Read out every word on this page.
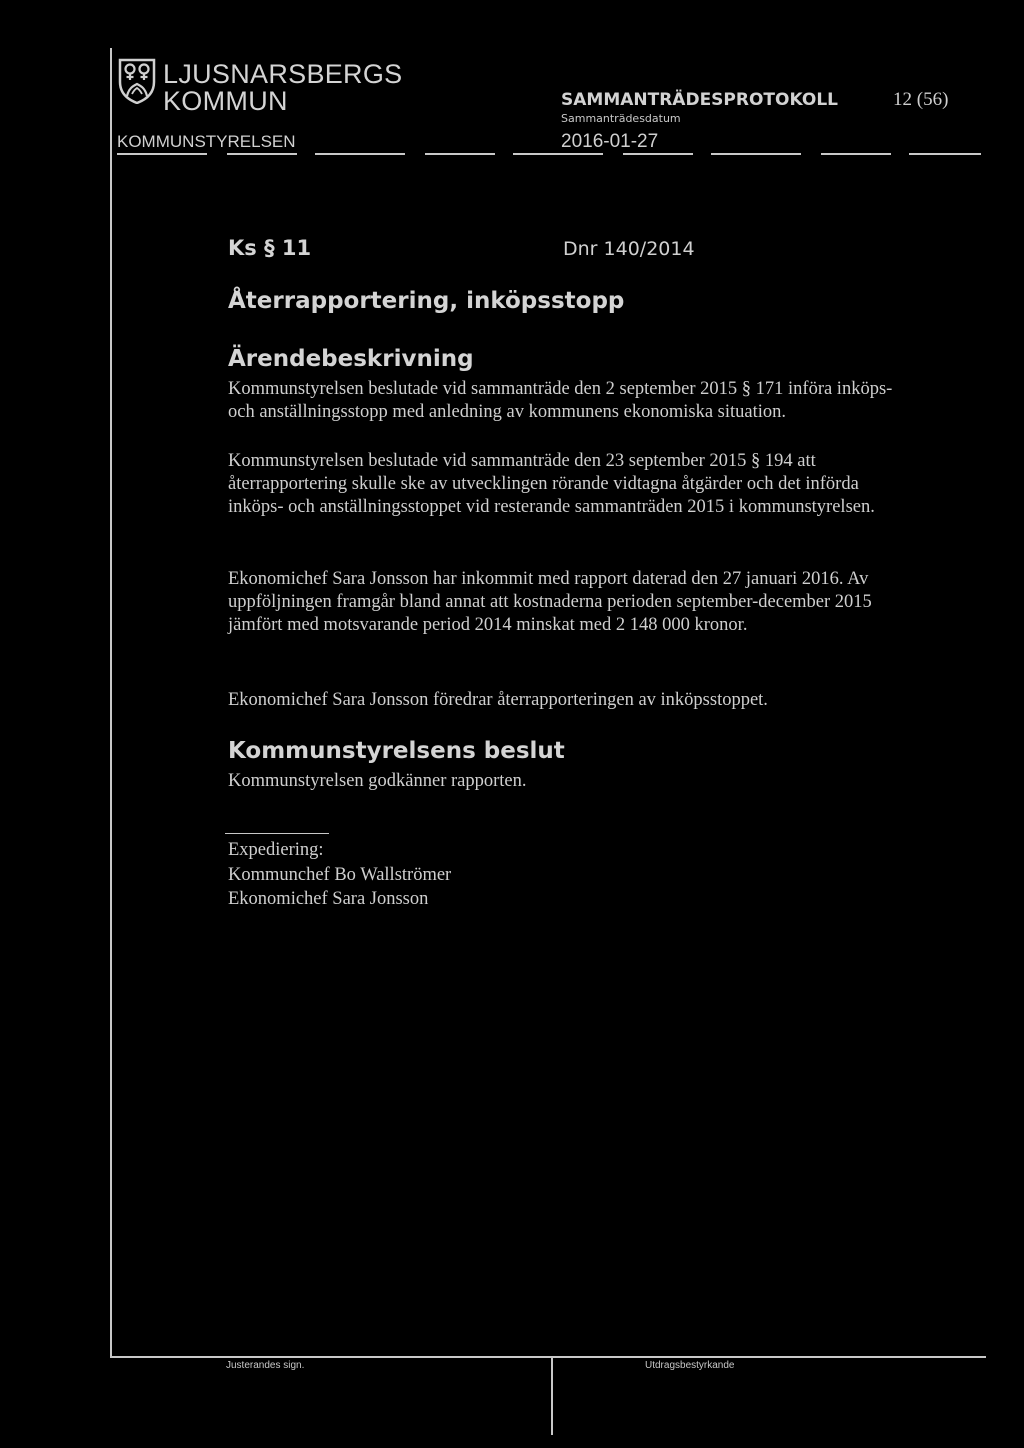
LJUSNARSBERGS
KOMMUN	SAMMANTRÄDESPROTOKOLL	12 (56)
Sammanträdesdatum
KOMMUNSTYRELSEN	2016-01-27
Ks § 11	Dnr 140/2014
Återrapportering, inköpsstopp
Ärendebeskrivning

Kommunstyrelsen beslutade vid sammanträde den 2 september 2015 § 171 införa inköps- och anställningsstopp med anledning av kommunens ekonomiska situation.

Kommunstyrelsen beslutade vid sammanträde den 23 september 2015 § 194 att återrapportering skulle ske av utvecklingen rörande vidtagna åtgärder och det införda inköps- och anställningsstoppet vid resterande sammanträden 2015 i kommunstyrelsen.

Ekonomichef Sara Jonsson har inkommit med rapport daterad den 27 januari 2016. Av uppföljningen framgår bland annat att kostnaderna perioden september-december 2015 jämfört med motsvarande period 2014 minskat med 2 148 000 kronor.

Ekonomichef Sara Jonsson föredrar återrapporteringen av inköpsstoppet.

Kommunstyrelsens beslut

Kommunstyrelsen godkänner rapporten.

Expediering:
Kommunchef Bo Wallströmer
Ekonomichef Sara Jonsson
Justerandes sign.	Utdragsbestyrkande
